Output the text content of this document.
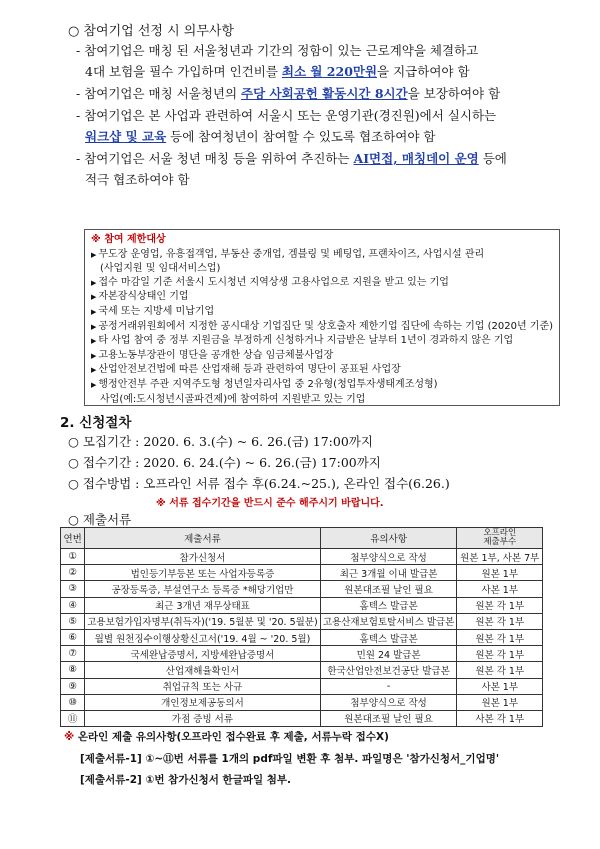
○ 참여기업 선정 시 의무사항
- 참여기업은 매칭 된 서울청년과 기간의 정함이 있는 근로계약을 체결하고
4대 보험을 필수 가입하며 인건비를 최소 월 220만원을 지급하여야 함
- 참여기업은 매칭 서울청년의 주당 사회공헌 활동시간 8시간을 보장하여야 함
- 참여기업은 본 사업과 관련하여 서울시 또는 운영기관(경진원)에서 실시하는
워크샵 및 교육 등에 참여청년이 참여할 수 있도록 협조하여야 함
- 참여기업은 서울 청년 매칭 등을 위하여 추진하는 AI면접, 매칭데이 운영 등에
적극 협조하여야 함
※ 참여 제한대상
▶ 무도장 운영업, 유흥접객업, 부동산 중개업, 겜블링 및 베팅업, 프랜차이즈, 사업시설 관리
(사업지원 및 임대서비스업)
▶ 접수 마감일 기준 서울시 도시청년 지역상생 고용사업으로 지원을 받고 있는 기업
▶ 자본잠식상태인 기업
▶ 국세 또는 지방세 미납기업
▶ 공정거래위원회에서 지정한 공시대상 기업집단 및 상호출자 제한기업 집단에 속하는 기업 (2020년 기준)
▶ 타 사업 참여 중 정부 지원금을 부정하게 신청하거나 지급받은 날부터 1년이 경과하지 않은 기업
▶ 고용노동부장관이 명단을 공개한 상습 임금체불사업장
▶ 산업안전보건법에 따른 산업재해 등과 관련하여 명단이 공표된 사업장
▶ 행정안전부 주관 지역주도형 청년일자리사업 중 2유형(청업투자생태계조성형)
사업(예:도시청년시골파견제)에 참여하여 지원받고 있는 기업
2. 신청절차
○ 모집기간 : 2020. 6. 3.(수) ~ 6. 26.(금) 17:00까지
○ 접수기간 : 2020. 6. 24.(수) ~ 6. 26.(금) 17:00까지
○ 접수방법 : 오프라인 서류 접수 후(6.24.~25.), 온라인 접수(6.26.)
※ 서류 접수기간을 반드시 준수 해주시기 바랍니다.
○ 제출서류
연번	제출서류	유의사항	오프라인
제출부수
①	참가신청서	첨부양식으로 작성	원본 1부, 사본 7부
②	법인등기부등본 또는 사업자등록증	최근 3개월 이내 발급본	원본 1부
③	공장등록증, 부설연구소 등록증 *해당기업만	원본대조필 날인 필요	사본 1부
④	최근 3개년 재무상태표	홈텍스 발급본	원본 각 1부
⑤	고용보험가입자명부(취득자)('19. 5월분 및 '20. 5월분)	고용산재보험토탈서비스 발급본	원본 각 1부
⑥	월별 원천징수이행상황신고서('19. 4월 ~ '20. 5월)	홈텍스 발급본	원본 각 1부
⑦	국세완납증명서, 지방세완납증명서	민원 24 발급본	원본 각 1부
⑧	산업재해율확인서	한국산업안전보건공단 발급본	원본 각 1부
⑨	취업규칙 또는 사규	-	사본 1부
⑩	개인정보제공동의서	첨부양식으로 작성	원본 1부
⑪	가점 증빙 서류	원본대조필 날인 필요	사본 각 1부
※ 온라인 제출 유의사항(오프라인 접수완료 후 제출, 서류누락 접수X)
[제출서류-1] ①~⑪번 서류를 1개의 pdf파일 변환 후 첨부. 파일명은 '참가신청서_기업명'
[제출서류-2] ①번 참가신청서 한글파일 첨부.
